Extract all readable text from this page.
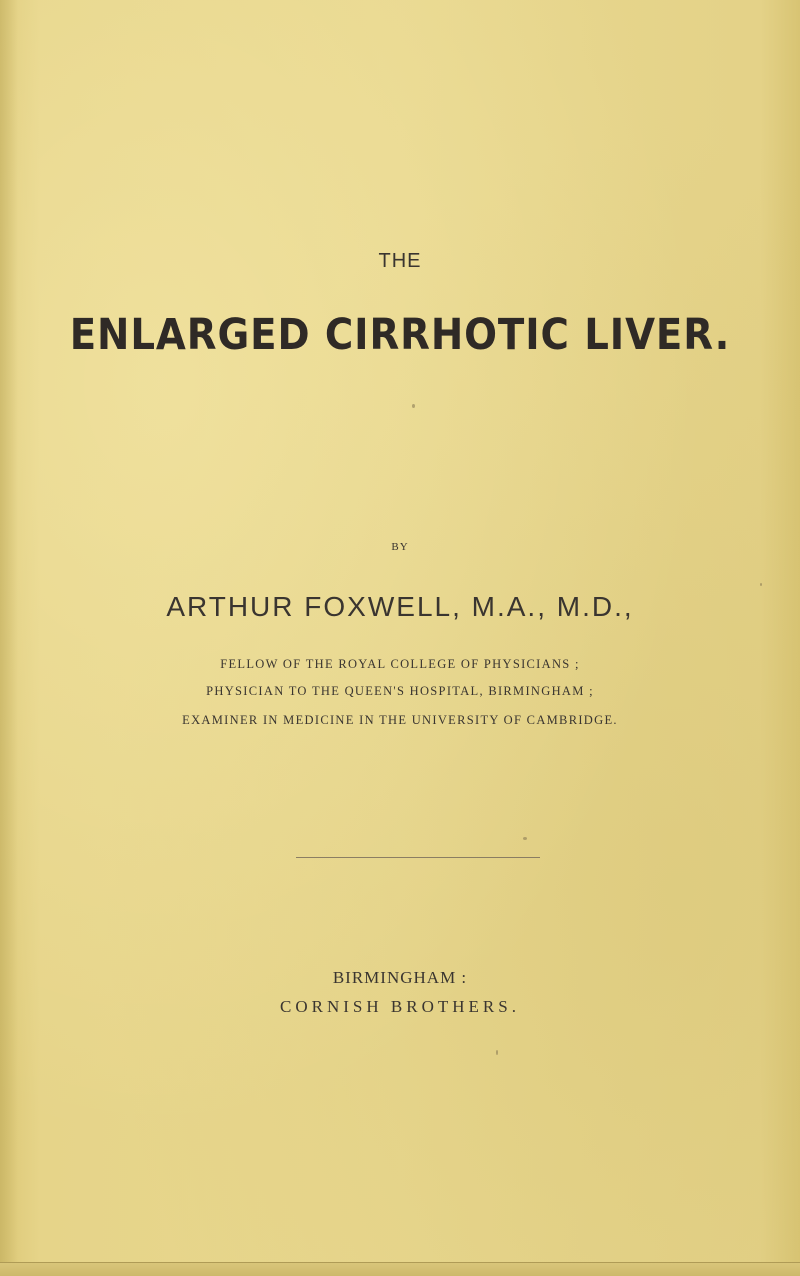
THE
ENLARGED CIRRHOTIC LIVER.
BY
ARTHUR FOXWELL, M.A., M.D.,
FELLOW OF THE ROYAL COLLEGE OF PHYSICIANS ;
PHYSICIAN TO THE QUEEN'S HOSPITAL, BIRMINGHAM ;
EXAMINER IN MEDICINE IN THE UNIVERSITY OF CAMBRIDGE.
BIRMINGHAM :
CORNISH BROTHERS.
